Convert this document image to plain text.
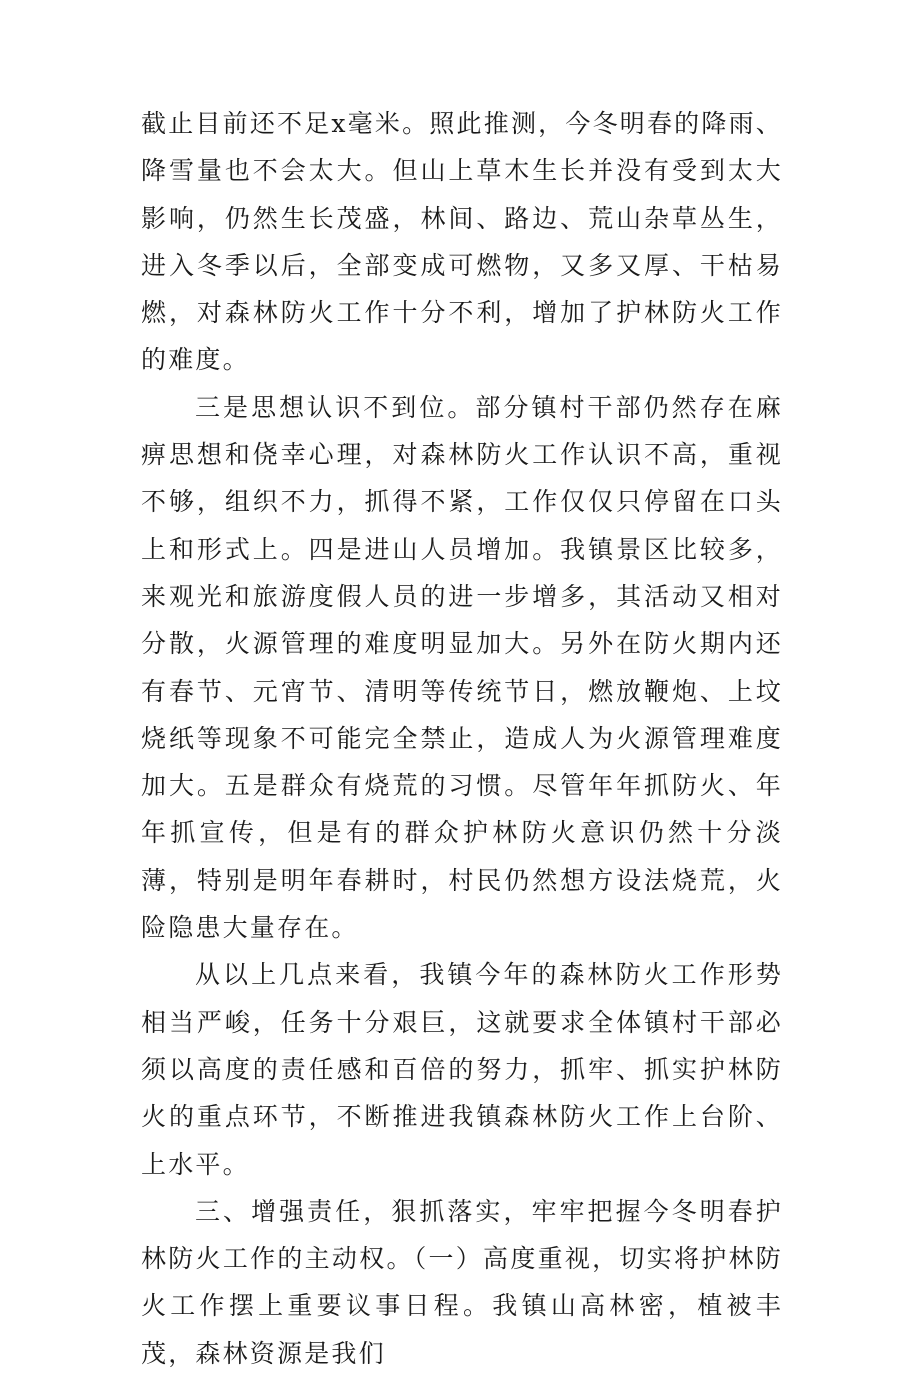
截止目前还不足x毫米。照此推测，今冬明春的降雨、降雪量也不会太大。但山上草木生长并没有受到太大影响，仍然生长茂盛，林间、路边、荒山杂草丛生，进入冬季以后，全部变成可燃物，又多又厚、干枯易燃，对森林防火工作十分不利，增加了护林防火工作的难度。

三是思想认识不到位。部分镇村干部仍然存在麻痹思想和侥幸心理，对森林防火工作认识不高，重视不够，组织不力，抓得不紧，工作仅仅只停留在口头上和形式上。四是进山人员增加。我镇景区比较多，来观光和旅游度假人员的进一步增多，其活动又相对分散，火源管理的难度明显加大。另外在防火期内还有春节、元宵节、清明等传统节日，燃放鞭炮、上坟烧纸等现象不可能完全禁止，造成人为火源管理难度加大。五是群众有烧荒的习惯。尽管年年抓防火、年年抓宣传，但是有的群众护林防火意识仍然十分淡薄，特别是明年春耕时，村民仍然想方设法烧荒，火险隐患大量存在。

从以上几点来看，我镇今年的森林防火工作形势相当严峻，任务十分艰巨，这就要求全体镇村干部必须以高度的责任感和百倍的努力，抓牢、抓实护林防火的重点环节，不断推进我镇森林防火工作上台阶、上水平。

三、增强责任，狠抓落实，牢牢把握今冬明春护林防火工作的主动权。（一）高度重视，切实将护林防火工作摆上重要议事日程。我镇山高林密，植被丰茂，森林资源是我们
